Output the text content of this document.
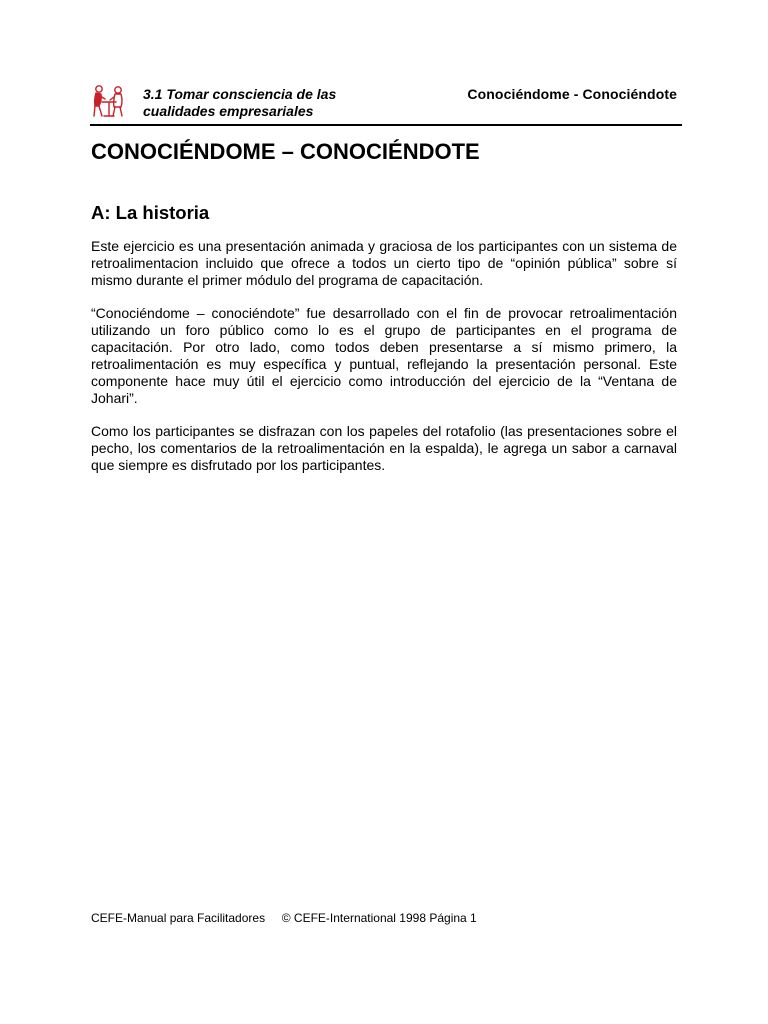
3.1 Tomar consciencia de las
cualidades empresariales
Conociéndome - Conociéndote
CONOCIÉNDOME – CONOCIÉNDOTE
A: La historia

Este ejercicio es una presentación animada y graciosa de los participantes con un sistema de retroalimentacion incluido que ofrece a todos un cierto tipo de “opinión pública” sobre sí mismo durante el primer módulo del programa de capacitación.

“Conociéndome – conociéndote” fue desarrollado con el fin de provocar retroalimentación utilizando un foro público como lo es el grupo de participantes en el programa de capacitación. Por otro lado, como todos deben presentarse a sí mismo primero, la retroalimentación es muy específica y puntual, reflejando la presentación personal. Este componente hace muy útil el ejercicio como introducción del ejercicio de la “Ventana de Johari”.

Como los participantes se disfrazan con los papeles del rotafolio (las presentaciones sobre el pecho, los comentarios de la retroalimentación en la espalda), le agrega un sabor a carnaval que siempre es disfrutado por los participantes.

CEFE-Manual para Facilitadores © CEFE-International 1998 Página 1
